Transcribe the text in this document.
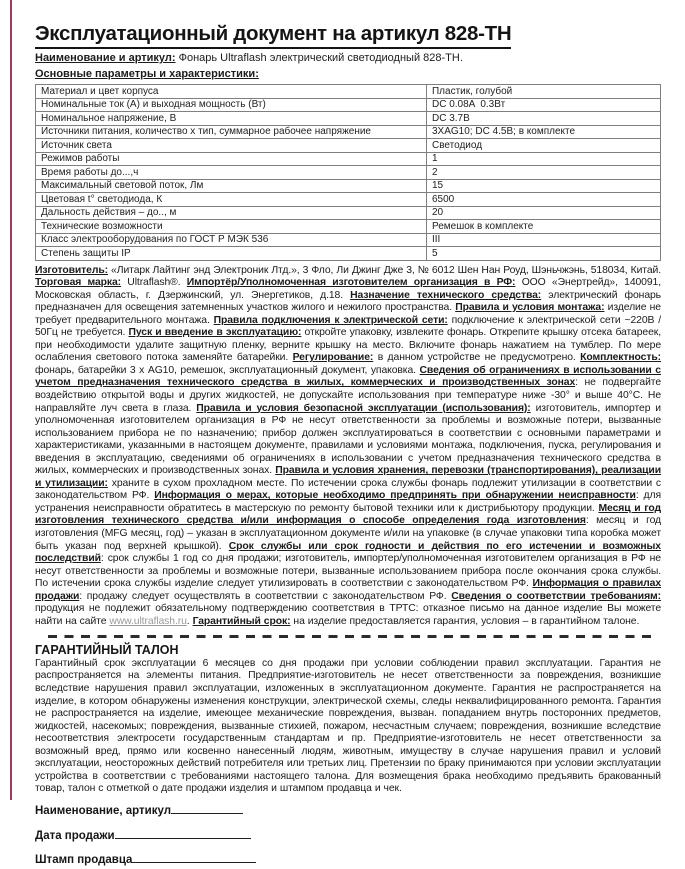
Эксплуатационный документ на артикул 828-ТН
Наименование и артикул: Фонарь Ultraflash электрический светодиодный 828-ТН.
Основные параметры и характеристики:
Материал и цвет корпуса	Пластик, голубой
Номинальные ток (А) и выходная мощность (Вт)	DC 0.08A  0.3Вт
Номинальное напряжение, В	DC 3.7В
Источники питания, количество х тип, суммарное рабочее напряжение	3ХAG10; DC 4.5В; в комплекте
Источник света	Светодиод
Режимов работы	1
Время работы до...,ч	2
Максимальный световой поток, Лм	15
Цветовая t° светодиода, К	6500
Дальность действия – до.., м	20
Технические возможности	Ремешок в комплекте
Класс электрооборудования по ГОСТ Р МЭК 536	III
Степень защиты IP	5

Изготовитель: «Литарк Лайтинг энд Электроник Лтд.», 3 Фло, Ли Джинг Дже 3, № 6012 Шен Нан Роуд, Шэньчжэнь, 518034, Китай. Торговая марка: Ultraflash®. Импортёр/Уполномоченная изготовителем организация в РФ: ООО «Энертрейд», 140091, Московская область, г. Дзержинский, ул. Энергетиков, д.18. Назначение технического средства: электрический фонарь предназначен для освещения затемненных участков жилого и нежилого пространства. Правила и условия монтажа: изделие не требует предварительного монтажа. Правила подключения к электрической сети: подключение к электрической сети ~220В / 50Гц не требуется. Пуск и введение в эксплуатацию: откройте упаковку, извлеките фонарь. Открепите крышку отсека батареек, при необходимости удалите защитную пленку, верните крышку на место. Включите фонарь нажатием на тумблер. По мере ослабления светового потока заменяйте батарейки. Регулирование: в данном устройстве не предусмотрено. Комплектность: фонарь, батарейки 3 х AG10, ремешок, эксплуатационный документ, упаковка. Сведения об ограничениях в использовании с учетом предназначения технического средства в жилых, коммерческих и производственных зонах: не подвергайте воздействию открытой воды и других жидкостей, не допускайте использования при температуре ниже -30° и выше 40°С. Не направляйте луч света в глаза. Правила и условия безопасной эксплуатации (использования): изготовитель, импортер и уполномоченная изготовителем организация в РФ не несут ответственности за проблемы и возможные потери, вызванные использованием прибора не по назначению; прибор должен эксплуатироваться в соответствии с основными параметрами и характеристиками, указанными в настоящем документе, правилами и условиями монтажа, подключения, пуска, регулирования и введения в эксплуатацию, сведениями об ограничениях в использовании с учетом предназначения технического средства в жилых, коммерческих и производственных зонах. Правила и условия хранения, перевозки (транспортирования), реализации и утилизации: храните в сухом прохладном месте. По истечении срока службы фонарь подлежит утилизации в соответствии с законодательством РФ. Информация о мерах, которые необходимо предпринять при обнаружении неисправности: для устранения неисправности обратитесь в мастерскую по ремонту бытовой техники или к дистрибьютору продукции. Месяц и год изготовления технического средства и/или информация о способе определения года изготовления: месяц и год изготовления (MFG месяц, год) – указан в эксплуатационном документе и/или на упаковке (в случае упаковки типа коробка может быть указан под верхней крышкой). Срок службы или срок годности и действия по его истечении и возможных последствий: срок службы 1 год со дня продажи; изготовитель, импортер/уполномоченная изготовителем организация в РФ не несут ответственности за проблемы и возможные потери, вызванные использованием прибора после окончания срока службы. По истечении срока службы изделие следует утилизировать в соответствии с законодательством РФ. Информация о правилах продажи: продажу следует осуществлять в соответствии с законодательством РФ. Сведения о соответствии требованиям: продукция не подлежит обязательному подтверждению соответствия в ТРТС: отказное письмо на данное изделие Вы можете найти на сайте www.ultraflash.ru. Гарантийный срок: на изделие предоставляется гарантия, условия – в гарантийном талоне.

ГАРАНТИЙНЫЙ ТАЛОН

Гарантийный срок эксплуатации 6 месяцев со дня продажи при условии соблюдении правил эксплуатации. Гарантия не распространяется на элементы питания. Предприятие-изготовитель не несет ответственности за повреждения, возникшие вследствие нарушения правил эксплуатации, изложенных в эксплуатационном документе. Гарантия не распространяется на изделие, в котором обнаружены изменения конструкции, электрической схемы, следы неквалифицированного ремонта. Гарантия не распространяется на изделие, имеющее механические повреждения, вызван. попаданием внутрь посторонних предметов, жидкостей, насекомых; повреждения, вызванные стихией, пожаром, несчастным случаем; повреждения, возникшие вследствие несоответствия электросети государственным стандартам и пр. Предприятие-изготовитель не несет ответственности за возможный вред, прямо или косвенно нанесенный людям, животным, имуществу в случае нарушения правил и условий эксплуатации, неосторожных действий потребителя или третьих лиц. Претензии по браку принимаются при условии эксплуатации устройства в соответствии с требованиями настоящего талона. Для возмещения брака необходимо предъявить бракованный товар, талон с отметкой о дате продажи изделия и штампом продавца и чек.

Наименование, артикул
Дата продажи
Штамп продавца
